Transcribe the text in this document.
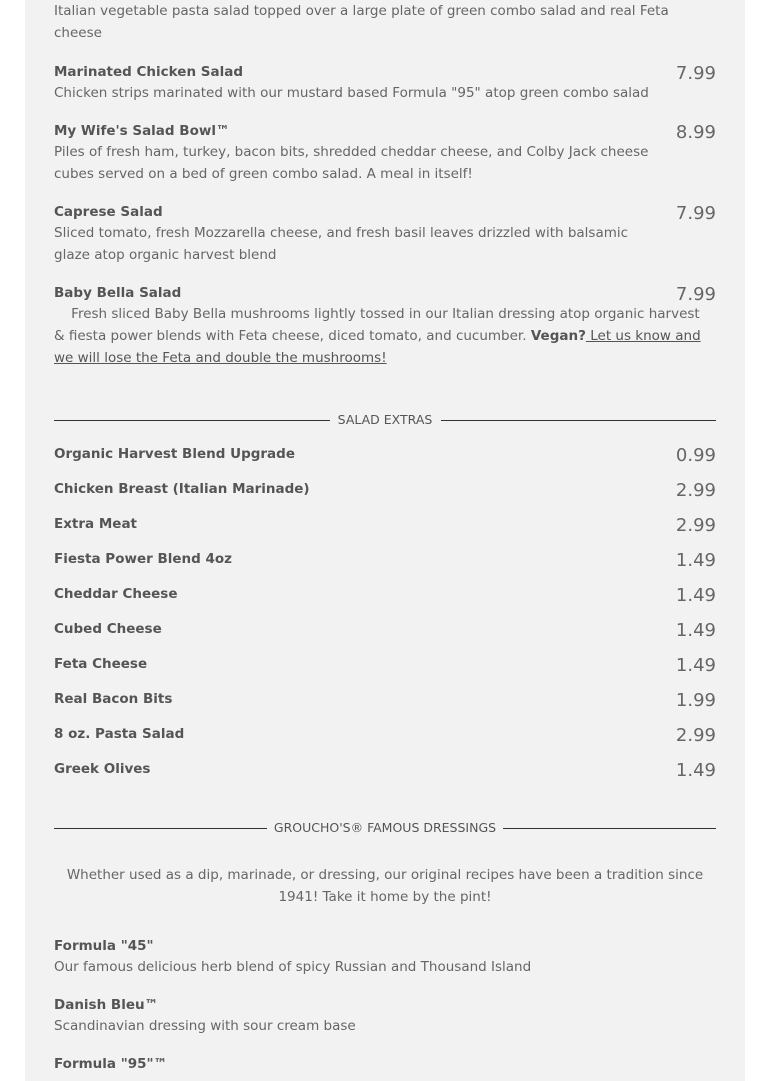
Italian vegetable pasta salad topped over a large plate of green combo salad and real Feta cheese
Marinated Chicken Salad
Chicken strips marinated with our mustard based Formula "95" atop green combo salad
7.99
My Wife's Salad Bowl™
Piles of fresh ham, turkey, bacon bits, shredded cheddar cheese, and Colby Jack cheese cubes served on a bed of green combo salad. A meal in itself!
8.99
Caprese Salad
Sliced tomato, fresh Mozzarella cheese, and fresh basil leaves drizzled with balsamic glaze atop organic harvest blend
7.99
Baby Bella Salad
Fresh sliced Baby Bella mushrooms lightly tossed in our Italian dressing atop organic harvest & fiesta power blends with Feta cheese, diced tomato, and cucumber. Vegan? Let us know and we will lose the Feta and double the mushrooms!
7.99
SALAD EXTRAS
Organic Harvest Blend Upgrade	0.99
Chicken Breast (Italian Marinade)	2.99
Extra Meat	2.99
Fiesta Power Blend 4oz	1.49
Cheddar Cheese	1.49
Cubed Cheese	1.49
Feta Cheese	1.49
Real Bacon Bits	1.99
8 oz. Pasta Salad	2.99
Greek Olives	1.49
GROUCHO'S® FAMOUS DRESSINGS
Whether used as a dip, marinade, or dressing, our original recipes have been a tradition since 1941! Take it home by the pint!
Formula "45"
Our famous delicious herb blend of spicy Russian and Thousand Island
Danish Bleu™
Scandinavian dressing with sour cream base
Formula "95"™
